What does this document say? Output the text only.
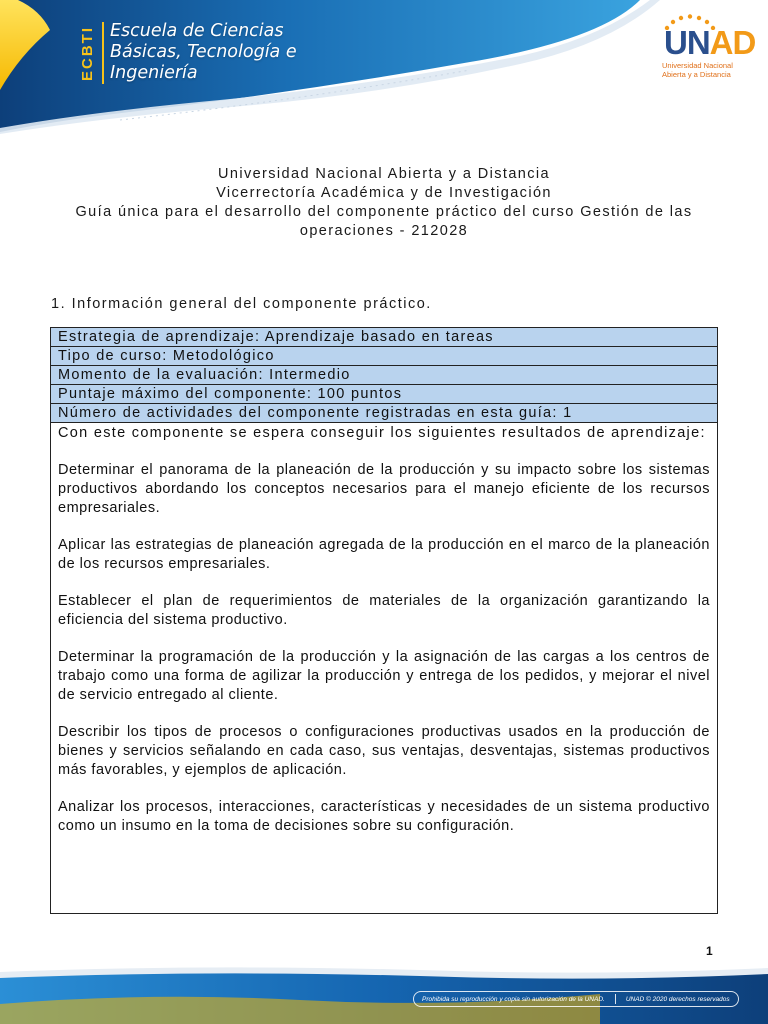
ECBTI Escuela de Ciencias
Básicas, Tecnología e
Ingeniería
UNAD
Universidad Nacional
Abierta y a Distancia
Universidad Nacional Abierta y a Distancia
Vicerrectoría Académica y de Investigación
Guía única para el desarrollo del componente práctico del curso Gestión de las
operaciones - 212028
1. Información general del componente práctico.
Estrategia de aprendizaje: Aprendizaje basado en tareas
Tipo de curso: Metodológico
Momento de la evaluación: Intermedio
Puntaje máximo del componente: 100 puntos
Número de actividades del componente registradas en esta guía: 1

Con este componente se espera conseguir los siguientes resultados de aprendizaje:

Determinar el panorama de la planeación de la producción y su impacto sobre los sistemas productivos abordando los conceptos necesarios para el manejo eficiente de los recursos empresariales.

Aplicar las estrategias de planeación agregada de la producción en el marco de la planeación de los recursos empresariales.

Establecer el plan de requerimientos de materiales de la organización garantizando la eficiencia del sistema productivo.

Determinar la programación de la producción y la asignación de las cargas a los centros de trabajo como una forma de agilizar la producción y entrega de los pedidos, y mejorar el nivel de servicio entregado al cliente.

Describir los tipos de procesos o configuraciones productivas usados en la producción de bienes y servicios señalando en cada caso, sus ventajas, desventajas, sistemas productivos más favorables, y ejemplos de aplicación.

Analizar los procesos, interacciones, características y necesidades de un sistema productivo como un insumo en la toma de decisiones sobre su configuración.

1
Prohibida su reproducción y copia sin autorización de la UNAD.	UNAD © 2020 derechos reservados
